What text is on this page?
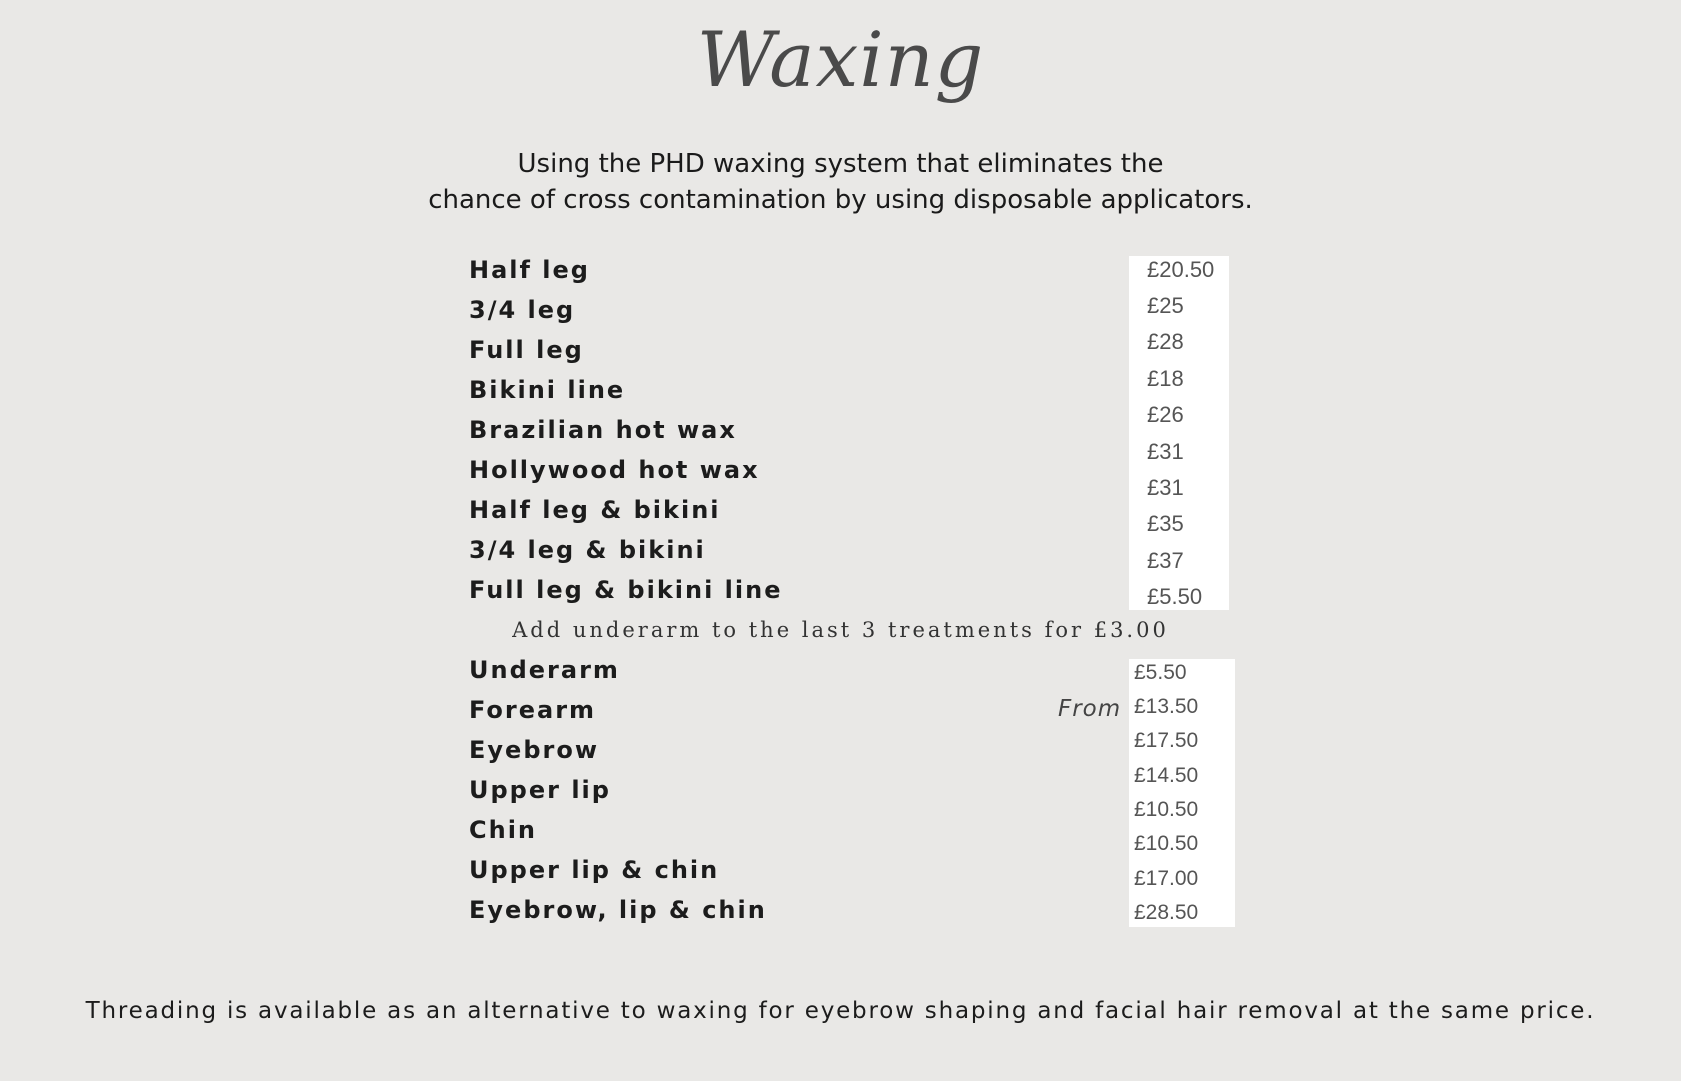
Waxing
Using the PHD waxing system that eliminates the
chance of cross contamination by using disposable applicators.
Half leg
3/4 leg
Full leg
Bikini line
Brazilian hot wax
Hollywood hot wax
Half leg & bikini
3/4 leg & bikini
Full leg & bikini line
£20.50
£25
£28
£18
£26
£31
£31
£35
£37
£5.50
Add underarm to the last 3 treatments for £3.00
Underarm
Forearm
Eyebrow
Upper lip
Chin
Upper lip & chin
Eyebrow, lip & chin
From
£5.50
£13.50
£17.50
£14.50
£10.50
£10.50
£17.00
£28.50
Threading is available as an alternative to waxing for eyebrow shaping and facial hair removal at the same price.
